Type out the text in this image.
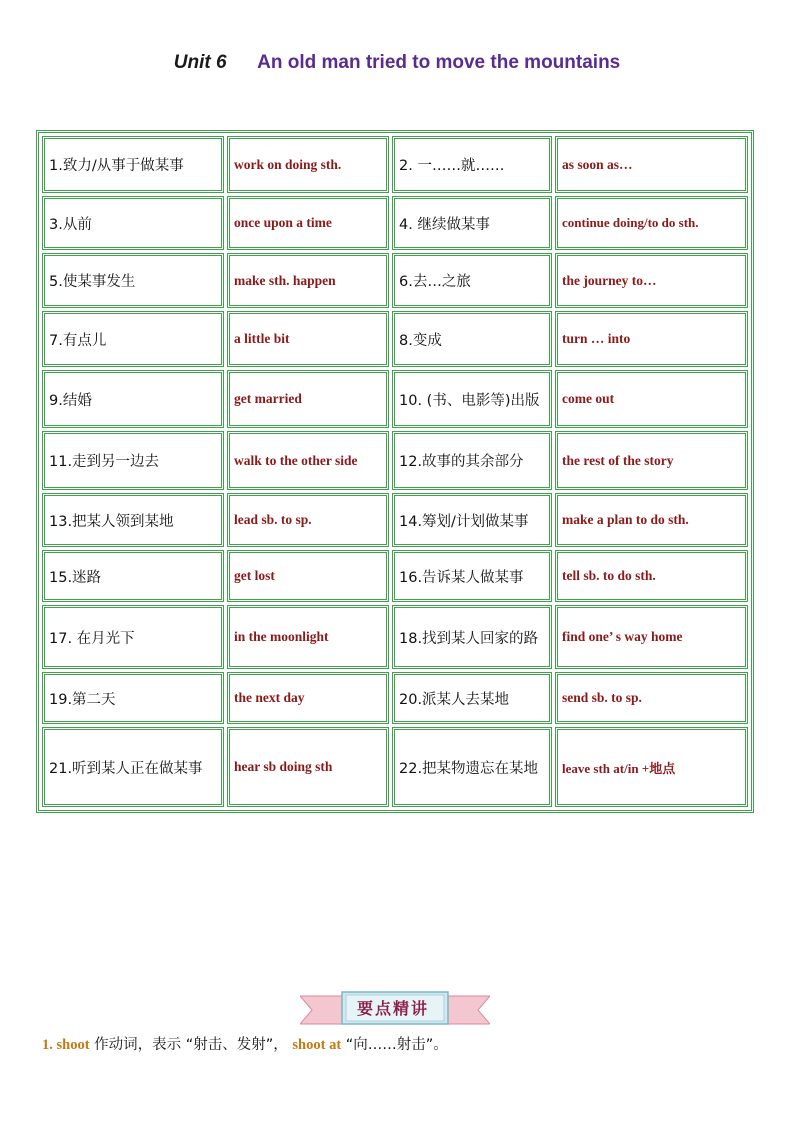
Unit 6 An old man tried to move the mountains
1.致力/从事于做某事	work on doing sth.	2. 一……就……	as soon as…
3.从前	once upon a time	4. 继续做某事	continue doing/to do sth.
5.使某事发生	make sth. happen	6.去…之旅	the journey to…
7.有点儿	a little bit	8.变成	turn … into
9.结婚	get married	10. (书、电影等)出版	come out
11.走到另一边去	walk to the other side	12.故事的其余部分	the rest of the story
13.把某人领到某地	lead sb. to sp.	14.筹划/计划做某事	make a plan to do sth.
15.迷路	get lost	16.告诉某人做某事	tell sb. to do sth.
17. 在月光下	in the moonlight	18.找到某人回家的路	find one’ s way home
19.第二天	the next day	20.派某人去某地	send sb. to sp.
21.听到某人正在做某事	hear sb doing sth	22.把某物遗忘在某地	leave sth at/in +地点
要点精讲
1. shoot 作动词，表示 “射击、发射”， shoot at “向……射击”。
